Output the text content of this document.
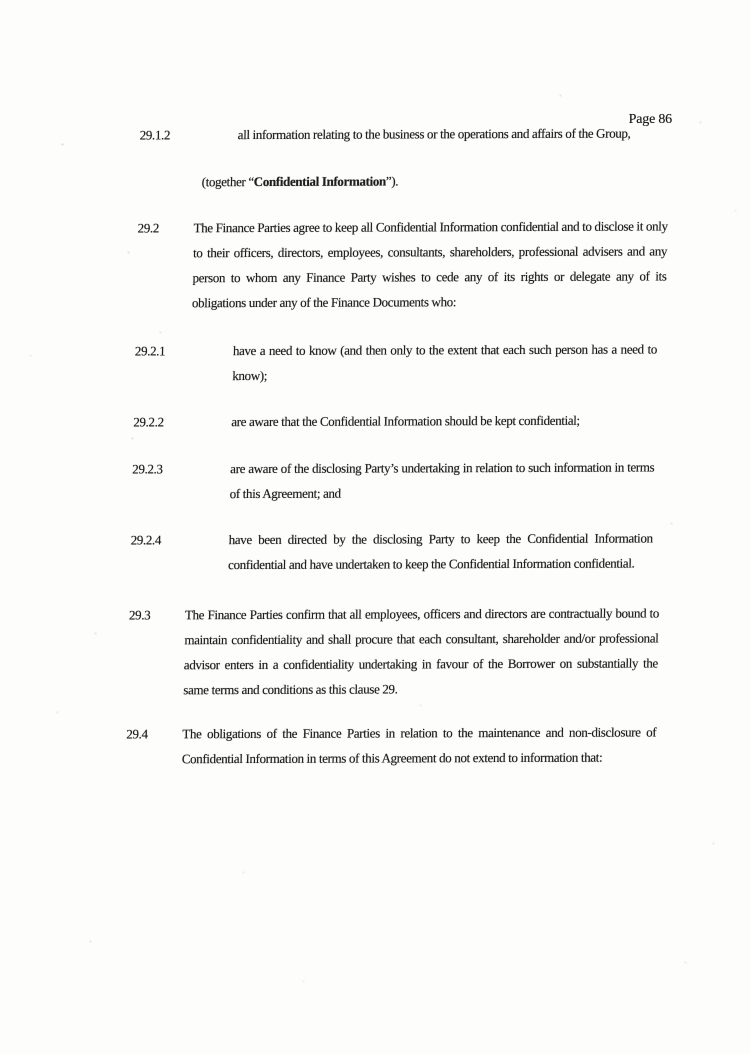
Page 86
29.1.2	all information relating to the business or the operations and affairs of the Group,
(together “Confidential Information”).
29.2	The Finance Parties agree to keep all Confidential Information confidential and to disclose it only to their officers, directors, employees, consultants, shareholders, professional advisers and any person to whom any Finance Party wishes to cede any of its rights or delegate any of its obligations under any of the Finance Documents who:
29.2.1	have a need to know (and then only to the extent that each such person has a need to know);
29.2.2	are aware that the Confidential Information should be kept confidential;
29.2.3	are aware of the disclosing Party’s undertaking in relation to such information in terms of this Agreement; and
29.2.4	have been directed by the disclosing Party to keep the Confidential Information confidential and have undertaken to keep the Confidential Information confidential.
29.3	The Finance Parties confirm that all employees, officers and directors are contractually bound to maintain confidentiality and shall procure that each consultant, shareholder and/or professional advisor enters in a confidentiality undertaking in favour of the Borrower on substantially the same terms and conditions as this clause 29.
29.4	The obligations of the Finance Parties in relation to the maintenance and non-disclosure of Confidential Information in terms of this Agreement do not extend to information that:
